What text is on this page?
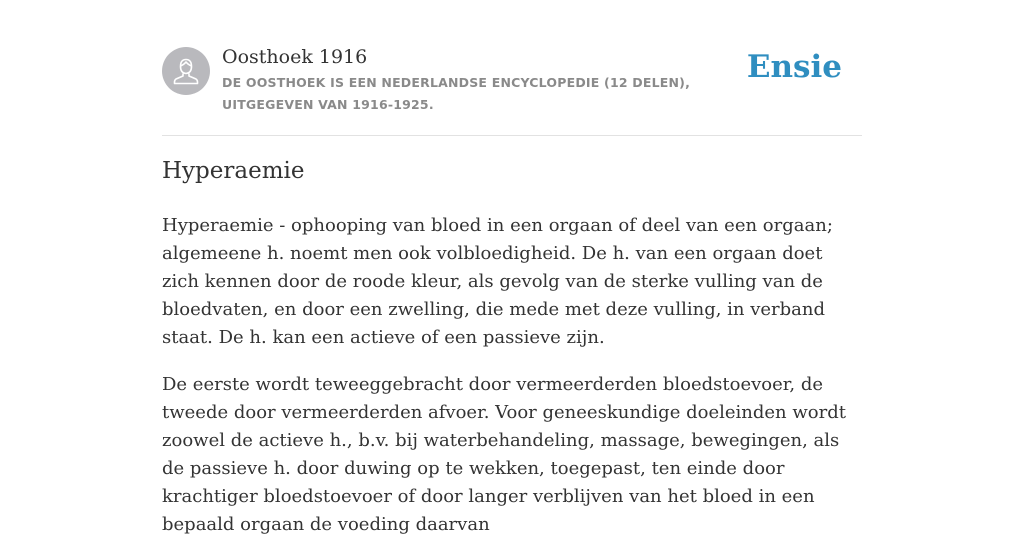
Oosthoek 1916
DE OOSTHOEK IS EEN NEDERLANDSE ENCYCLOPEDIE (12 DELEN), UITGEGEVEN VAN 1916-1925.
Ensie
Hyperaemie

Hyperaemie - ophooping van bloed in een orgaan of deel van een orgaan; algemeene h. noemt men ook volbloedigheid. De h. van een orgaan doet zich kennen door de roode kleur, als gevolg van de sterke vulling van de bloedvaten, en door een zwelling, die mede met deze vulling, in verband staat. De h. kan een actieve of een passieve zijn.

De eerste wordt teweeggebracht door vermeerderden bloedstoevoer, de tweede door vermeerderden afvoer. Voor geneeskundige doeleinden wordt zoowel de actieve h., b.v. bij waterbehandeling, massage, bewegingen, als de passieve h. door duwing op te wekken, toegepast, ten einde door krachtiger bloedstoevoer of door langer verblijven van het bloed in een bepaald orgaan de voeding daarvan
